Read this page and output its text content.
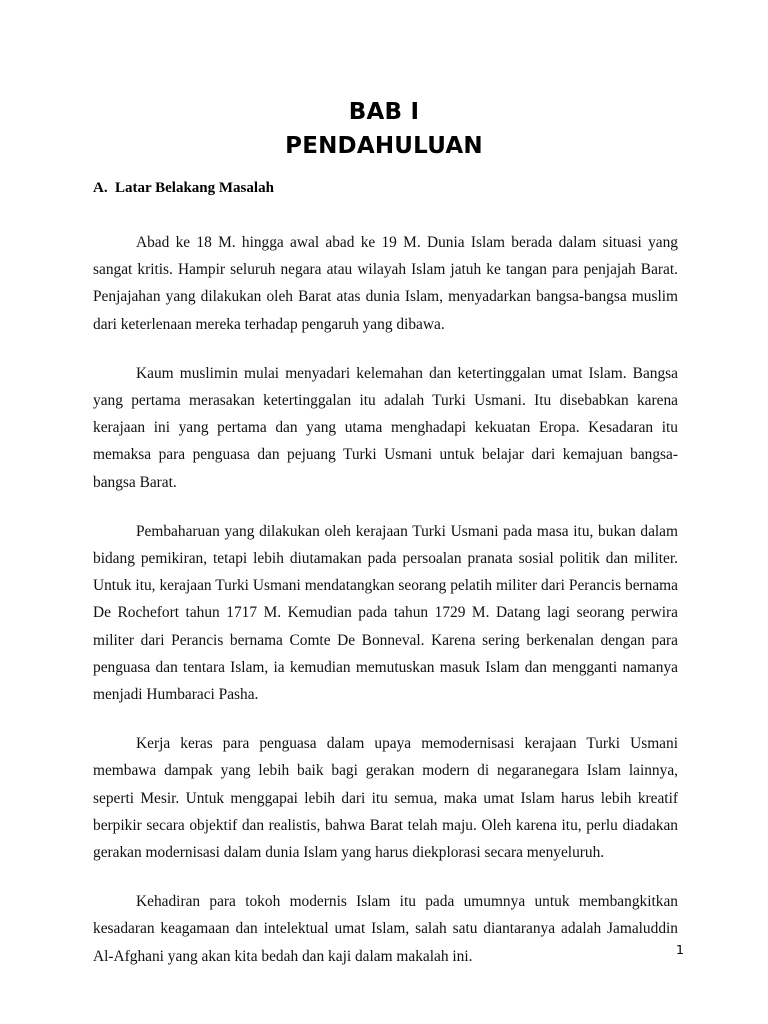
BAB I
PENDAHULUAN
A. Latar Belakang Masalah

Abad ke 18 M. hingga awal abad ke 19 M. Dunia Islam berada dalam situasi yang sangat kritis. Hampir seluruh negara atau wilayah Islam jatuh ke tangan para penjajah Barat. Penjajahan yang dilakukan oleh Barat atas dunia Islam, menyadarkan bangsa-bangsa muslim dari keterlenaan mereka terhadap pengaruh yang dibawa.

Kaum muslimin mulai menyadari kelemahan dan ketertinggalan umat Islam. Bangsa yang pertama merasakan ketertinggalan itu adalah Turki Usmani. Itu disebabkan karena kerajaan ini yang pertama dan yang utama menghadapi kekuatan Eropa. Kesadaran itu memaksa para penguasa dan pejuang Turki Usmani untuk belajar dari kemajuan bangsa-bangsa Barat.

Pembaharuan yang dilakukan oleh kerajaan Turki Usmani pada masa itu, bukan dalam bidang pemikiran, tetapi lebih diutamakan pada persoalan pranata sosial politik dan militer. Untuk itu, kerajaan Turki Usmani mendatangkan seorang pelatih militer dari Perancis bernama De Rochefort tahun 1717 M. Kemudian pada tahun 1729 M. Datang lagi seorang perwira militer dari Perancis bernama Comte De Bonneval. Karena sering berkenalan dengan para penguasa dan tentara Islam, ia kemudian memutuskan masuk Islam dan mengganti namanya menjadi Humbaraci Pasha.

Kerja keras para penguasa dalam upaya memodernisasi kerajaan Turki Usmani membawa dampak yang lebih baik bagi gerakan modern di negaranegara Islam lainnya, seperti Mesir. Untuk menggapai lebih dari itu semua, maka umat Islam harus lebih kreatif berpikir secara objektif dan realistis, bahwa Barat telah maju. Oleh karena itu, perlu diadakan gerakan modernisasi dalam dunia Islam yang harus diekplorasi secara menyeluruh.

Kehadiran para tokoh modernis Islam itu pada umumnya untuk membangkitkan kesadaran keagamaan dan intelektual umat Islam, salah satu diantaranya adalah Jamaluddin Al-Afghani yang akan kita bedah dan kaji dalam makalah ini.	1
